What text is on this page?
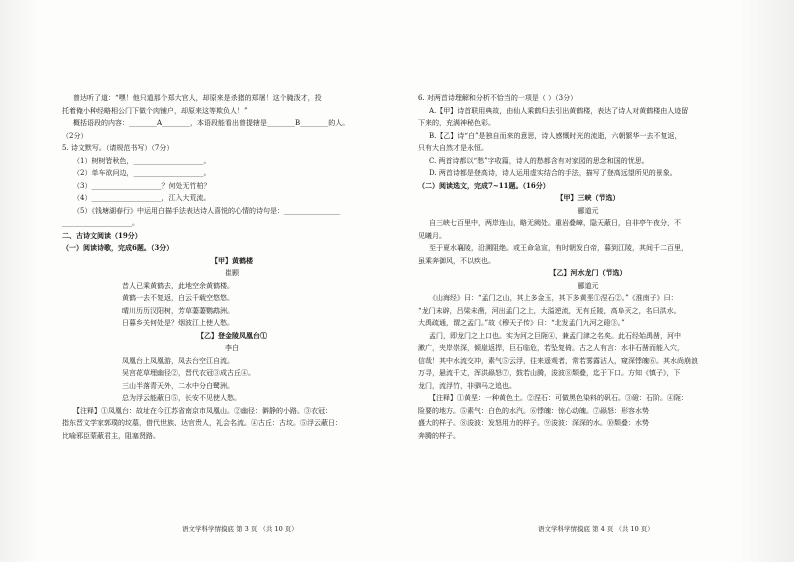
曾达听了道：“嘿！他只道那个郑大官人，却原来是杀猪的郑屠！这个腌泼才，投
托着俺小种经略相公门下做个肉铺户，却原来这等欺负人！”
概括语段的内容：________A________，本语段能看出曾提辖是________B________的人。
（2分）
5. 诗文默写。（请规范书写）（7分）
（1）树树皆秋色，____________________。
（2）单车欲问边，____________________。
（3）____________________？何处无竹柏？
（4）____________________，江入大荒流。
（5）《钱塘湖春行》中运用白描手法表达诗人喜悦的心情的诗句是：________________
____________________。
二、古诗文阅读（19分）
（一）阅读诗歌，完成6题。（3分）
【甲】黄鹤楼
崔颢
昔人已乘黄鹤去，此地空余黄鹤楼。
黄鹤一去不复返，白云千载空悠悠。
晴川历历汉阳树，芳草萋萋鹦鹉洲。
日暮乡关何处是？烟波江上使人愁。
【乙】登金陵凤凰台①
李白
凤凰台上凤凰游，凤去台空江自流。
吴宫花草埋幽径②，晋代衣冠③成古丘④。
三山半落青天外，二水中分白鹭洲。
总为浮云能蔽日⑤，长安不见使人愁。
【注释】①凤凰台：故址在今江苏省南京市凤凰山。②幽径：僻静的小路。③衣冠：
指东晋文学家郭璞的坟墓，借代世族、达官贵人，礼会名流。④古丘：古坟。⑤浮云蔽日：
比喻邪臣蒙蔽君主，阻塞贤路。
语文学科学情摸底 第 3 页 （共 10 页）
6. 对两首诗理解和分析不恰当的一项是（ ）（3分）
A.【甲】诗首联用典故，由仙人乘鹤归去引出黄鹤楼，表达了诗人对黄鹤楼由人迹留
下来的，充满神秘色彩。
B.【乙】诗“白”是独自而来的意思，诗人感慨时光的流逝，六朝繁华一去不复返，
只有大自然才是永恒。
C. 两首诗都以“愁”字收篇，诗人的愁都含有对家园的思念和国的忧思。
D. 两首诗都是登高诗，诗人运用虚实结合的手法，描写了登高远望所见的景象。
（二）阅读选文，完成7~11题。（16分）
【甲】三峡（节选）
郦道元
自三峡七百里中，两岸连山，略无阙处。重岩叠嶂，隐天蔽日，自非亭午夜分，不
见曦月。
至于夏水襄陵，沿溯阻绝。或王命急宣，有时朝发白帝，暮到江陵，其间千二百里，
虽乘奔御风，不以疾也。
【乙】河水龙门（节选）
郦道元
《山海经》曰：“孟门之山，其上多金玉，其下多黄垩①涅石②。”《淮南子》曰：
“龙门未辟，吕梁未凿，河出孟门之上，大溢逆流，无有丘陵，高阜灭之，名曰洪水。
大禹疏通，谓之孟门。”故《穆天子传》曰：“北发孟门九河之磴③。”
孟门，即龙门之上口也。实为河之巨阨④，兼孟门津之名矣。此石经始禹凿，河中
漱广，夹岸崇深，倾崖返捍，巨石临危，若坠复倚。古之人有言：水非石凿而能入穴，
信哉！其中水流交冲，素气⑤云浮，往来遥观者，常若雾露沾人，窥深悸魄⑥。其水尚崩浪
万寻，悬流千丈，浑洪赑怒⑦，鼓若山腾，浚波⑧颓叠，迄于下口。方知《慎子》，下
龙门，流浮竹，非驷马之追也。
【注释】①黄垩：一种黄色土。②涅石：可做黑色染料的矾石。③磴：石阶。④阨：
险要的地方。⑤素气：白色的水汽。⑥悸魄：惊心动魄。⑦赑怒：形容水势
盛大的样子。⑧浚波：发怒用力的样子。⑨浚波：深深的水。⑩颓叠：水势
奔腾的样子。
语文学科学情摸底 第 4 页 （共 10 页）
